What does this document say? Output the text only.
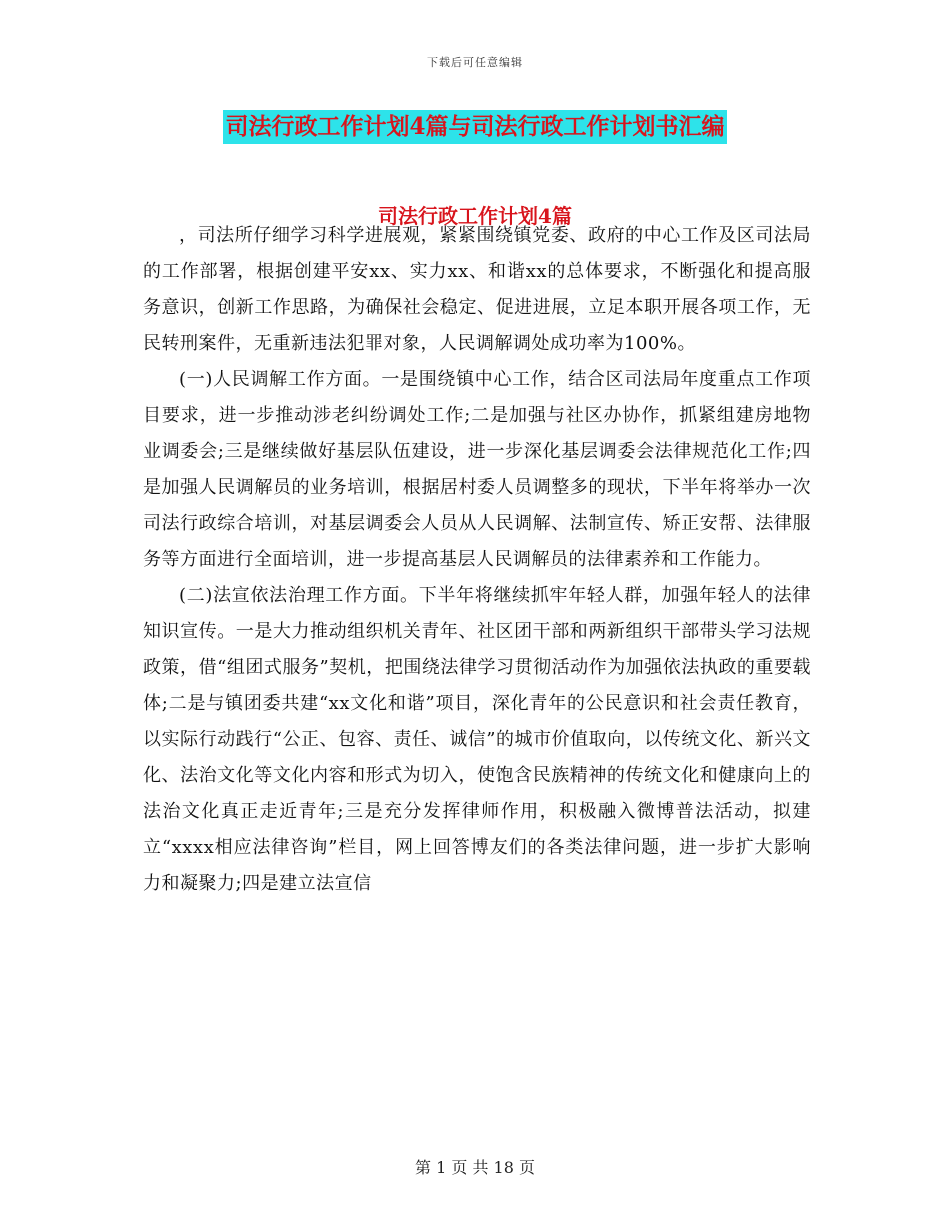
下载后可任意编辑
司法行政工作计划4篇与司法行政工作计划书汇编
司法行政工作计划4篇

，司法所仔细学习科学进展观，紧紧围绕镇党委、政府的中心工作及区司法局的工作部署，根据创建平安xx、实力xx、和谐xx的总体要求，不断强化和提高服务意识，创新工作思路，为确保社会稳定、促进进展，立足本职开展各项工作，无民转刑案件，无重新违法犯罪对象，人民调解调处成功率为100%。

(一)人民调解工作方面。一是围绕镇中心工作，结合区司法局年度重点工作项目要求，进一步推动涉老纠纷调处工作;二是加强与社区办协作，抓紧组建房地物业调委会;三是继续做好基层队伍建设，进一步深化基层调委会法律规范化工作;四是加强人民调解员的业务培训，根据居村委人员调整多的现状，下半年将举办一次司法行政综合培训，对基层调委会人员从人民调解、法制宣传、矫正安帮、法律服务等方面进行全面培训，进一步提高基层人民调解员的法律素养和工作能力。

(二)法宣依法治理工作方面。下半年将继续抓牢年轻人群，加强年轻人的法律知识宣传。一是大力推动组织机关青年、社区团干部和两新组织干部带头学习法规政策，借“组团式服务”契机，把围绕法律学习贯彻活动作为加强依法执政的重要载体;二是与镇团委共建“xx文化和谐”项目，深化青年的公民意识和社会责任教育，以实际行动践行“公正、包容、责任、诚信”的城市价值取向，以传统文化、新兴文化、法治文化等文化内容和形式为切入，使饱含民族精神的传统文化和健康向上的法治文化真正走近青年;三是充分发挥律师作用，积极融入微博普法活动，拟建立“xxxx相应法律咨询”栏目，网上回答博友们的各类法律问题，进一步扩大影响力和凝聚力;四是建立法宣信

第 1 页 共 18 页
